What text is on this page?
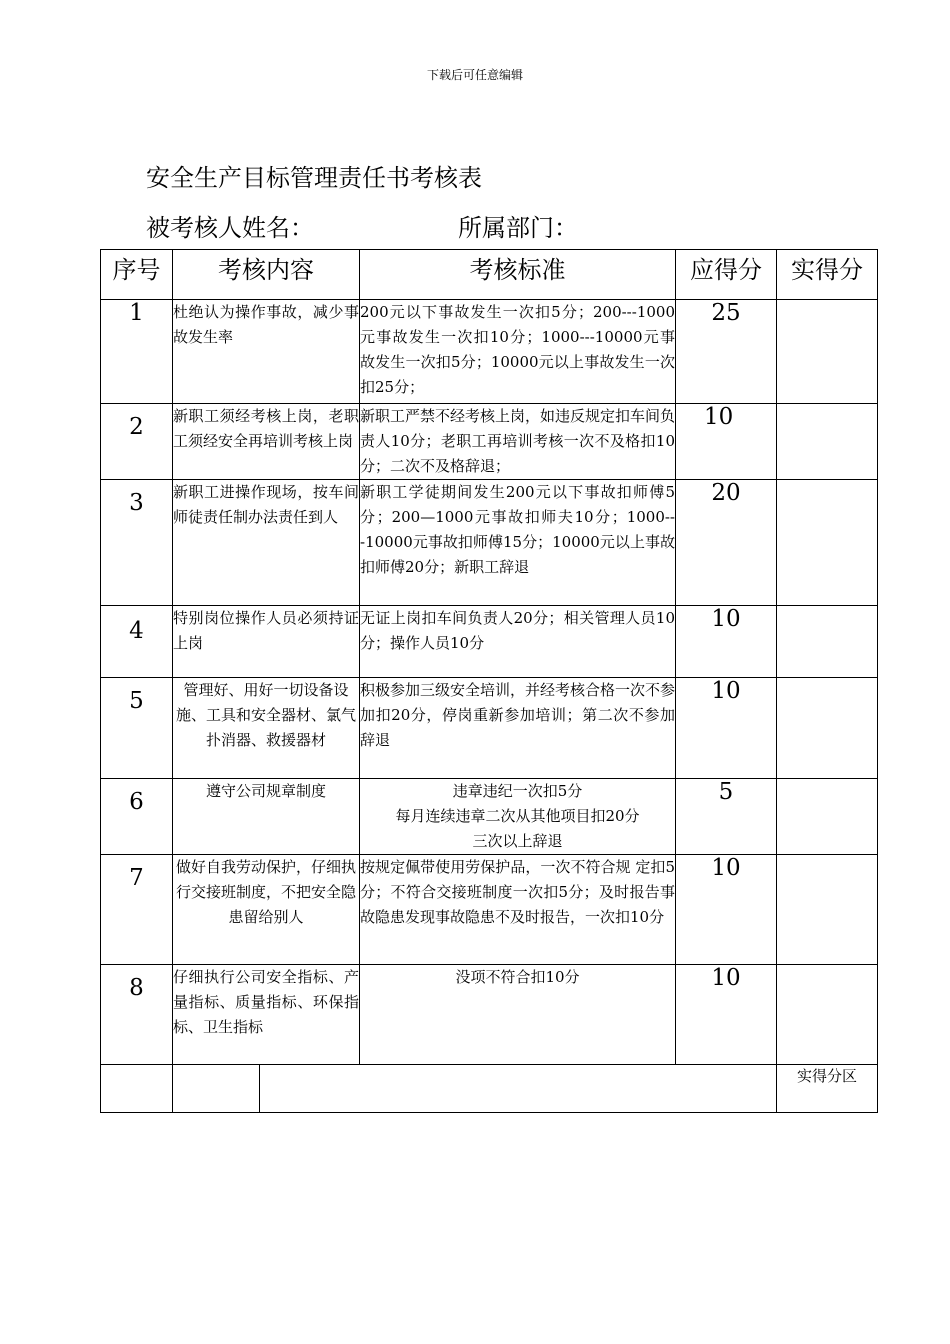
下载后可任意编辑
安全生产目标管理责任书考核表
被考核人姓名：	所属部门：
序号	考核内容		考核标准	应得分	实得分
1	杜绝认为操作事故，减少事故发生率		200元以下事故发生一次扣5分；200---1000元事故发生一次扣10分；1000---10000元事故发生一次扣5分；10000元以上事故发生一次扣25分；	25	
2	新职工须经考核上岗，老职工须经安全再培训考核上岗		新职工严禁不经考核上岗，如违反规定扣车间负责人10分；老职工再培训考核一次不及格扣10分；二次不及格辞退；	10	
3	新职工进操作现场，按车间师徒责任制办法责任到人		新职工学徒期间发生200元以下事故扣师傅5分；200—1000元事故扣师夫10分；1000---10000元事故扣师傅15分；10000元以上事故扣师傅20分；新职工辞退	20	
4	特别岗位操作人员必须持证上岗		无证上岗扣车间负责人20分；相关管理人员10分；操作人员10分	10	
5	管理好、用好一切设备设施、工具和安全器材、氯气扑消器、救援器材		积极参加三级安全培训，并经考核合格一次不参加扣20分，停岗重新参加培训；第二次不参加辞退	10	
6	遵守公司规章制度		违章违纪一次扣5分
每月连续违章二次从其他项目扣20分
三次以上辞退	5	
7	做好自我劳动保护，仔细执行交接班制度，不把安全隐患留给别人		按规定佩带使用劳保护品，一次不符合规 定扣5分；不符合交接班制度一次扣5分；及时报告事故隐患发现事故隐患不及时报告，一次扣10分	10	
8	仔细执行公司安全指标、产量指标、质量指标、环保指标、卫生指标		没项不符合扣10分	10	
					实得分区
